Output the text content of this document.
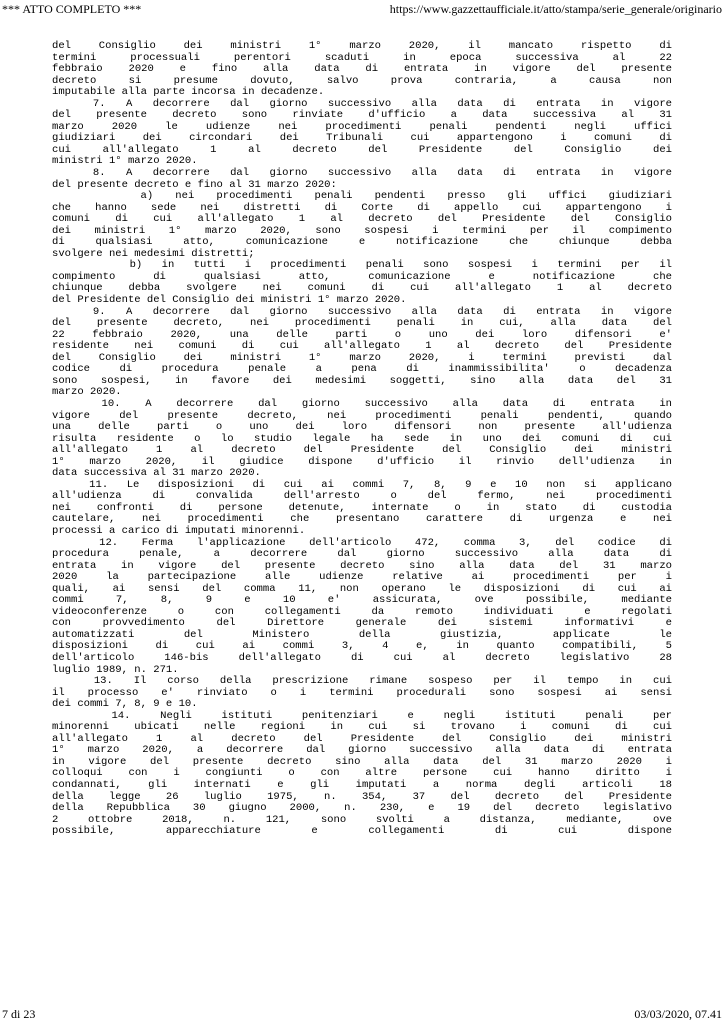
*** ATTO COMPLETO ***	https://www.gazzettaufficiale.it/atto/stampa/serie_generale/originario
del Consiglio dei ministri 1° marzo 2020, il mancato rispetto di
termini processuali perentori scaduti in epoca successiva al 22
febbraio 2020 e fino alla data di entrata in vigore del presente
decreto si presume dovuto, salvo prova contraria, a causa non
imputabile alla parte incorsa in decadenze.
7. A decorrere dal giorno successivo alla data di entrata in vigore
del presente decreto sono rinviate d'ufficio a data successiva al 31
marzo 2020 le udienze nei procedimenti penali pendenti negli uffici
giudiziari dei circondari dei Tribunali cui appartengono i comuni di
cui all'allegato 1 al decreto del Presidente del Consiglio dei
ministri 1° marzo 2020.
8. A decorrere dal giorno successivo alla data di entrata in vigore
del presente decreto e fino al 31 marzo 2020:
a) nei procedimenti penali pendenti presso gli uffici giudiziari
che hanno sede nei distretti di Corte di appello cui appartengono i
comuni di cui all'allegato 1 al decreto del Presidente del Consiglio
dei ministri 1° marzo 2020, sono sospesi i termini per il compimento
di qualsiasi atto, comunicazione e notificazione che chiunque debba
svolgere nei medesimi distretti;
b) in tutti i procedimenti penali sono sospesi i termini per il
compimento di qualsiasi atto, comunicazione e notificazione che
chiunque debba svolgere nei comuni di cui all'allegato 1 al decreto
del Presidente del Consiglio dei ministri 1° marzo 2020.
9. A decorrere dal giorno successivo alla data di entrata in vigore
del presente decreto, nei procedimenti penali in cui, alla data del
22 febbraio 2020, una delle parti o uno dei loro difensori e'
residente nei comuni di cui all'allegato 1 al decreto del Presidente
del Consiglio dei ministri 1° marzo 2020, i termini previsti dal
codice di procedura penale a pena di inammissibilita' o decadenza
sono sospesi, in favore dei medesimi soggetti, sino alla data del 31
marzo 2020.
10. A decorrere dal giorno successivo alla data di entrata in
vigore del presente decreto, nei procedimenti penali pendenti, quando
una delle parti o uno dei loro difensori non presente all'udienza
risulta residente o lo studio legale ha sede in uno dei comuni di cui
all'allegato 1 al decreto del Presidente del Consiglio dei ministri
1° marzo 2020, il giudice dispone d'ufficio il rinvio dell'udienza in
data successiva al 31 marzo 2020.
11. Le disposizioni di cui ai commi 7, 8, 9 e 10 non si applicano
all'udienza di convalida dell'arresto o del fermo, nei procedimenti
nei confronti di persone detenute, internate o in stato di custodia
cautelare, nei procedimenti che presentano carattere di urgenza e nei
processi a carico di imputati minorenni.
12. Ferma l'applicazione dell'articolo 472, comma 3, del codice di
procedura penale, a decorrere dal giorno successivo alla data di
entrata in vigore del presente decreto sino alla data del 31 marzo
2020 la partecipazione alle udienze relative ai procedimenti per i
quali, ai sensi del comma 11, non operano le disposizioni di cui ai
commi 7, 8, 9 e 10 e' assicurata, ove possibile, mediante
videoconferenze o con collegamenti da remoto individuati e regolati
con provvedimento del Direttore generale dei sistemi informativi e
automatizzati del Ministero della giustizia, applicate le
disposizioni di cui ai commi 3, 4 e, in quanto compatibili, 5
dell'articolo 146-bis dell'allegato di cui al decreto legislativo 28
luglio 1989, n. 271.
13. Il corso della prescrizione rimane sospeso per il tempo in cui
il processo e' rinviato o i termini procedurali sono sospesi ai sensi
dei commi 7, 8, 9 e 10.
14. Negli istituti penitenziari e negli istituti penali per
minorenni ubicati nelle regioni in cui si trovano i comuni di cui
all'allegato 1 al decreto del Presidente del Consiglio dei ministri
1° marzo 2020, a decorrere dal giorno successivo alla data di entrata
in vigore del presente decreto sino alla data del 31 marzo 2020 i
colloqui con i congiunti o con altre persone cui hanno diritto i
condannati, gli internati e gli imputati a norma degli articoli 18
della legge 26 luglio 1975, n. 354, 37 del decreto del Presidente
della Repubblica 30 giugno 2000, n. 230, e 19 del decreto legislativo
2 ottobre 2018, n. 121, sono svolti a distanza, mediante, ove
possibile, apparecchiature e collegamenti di cui dispone
7 di 23	03/03/2020, 07.41
